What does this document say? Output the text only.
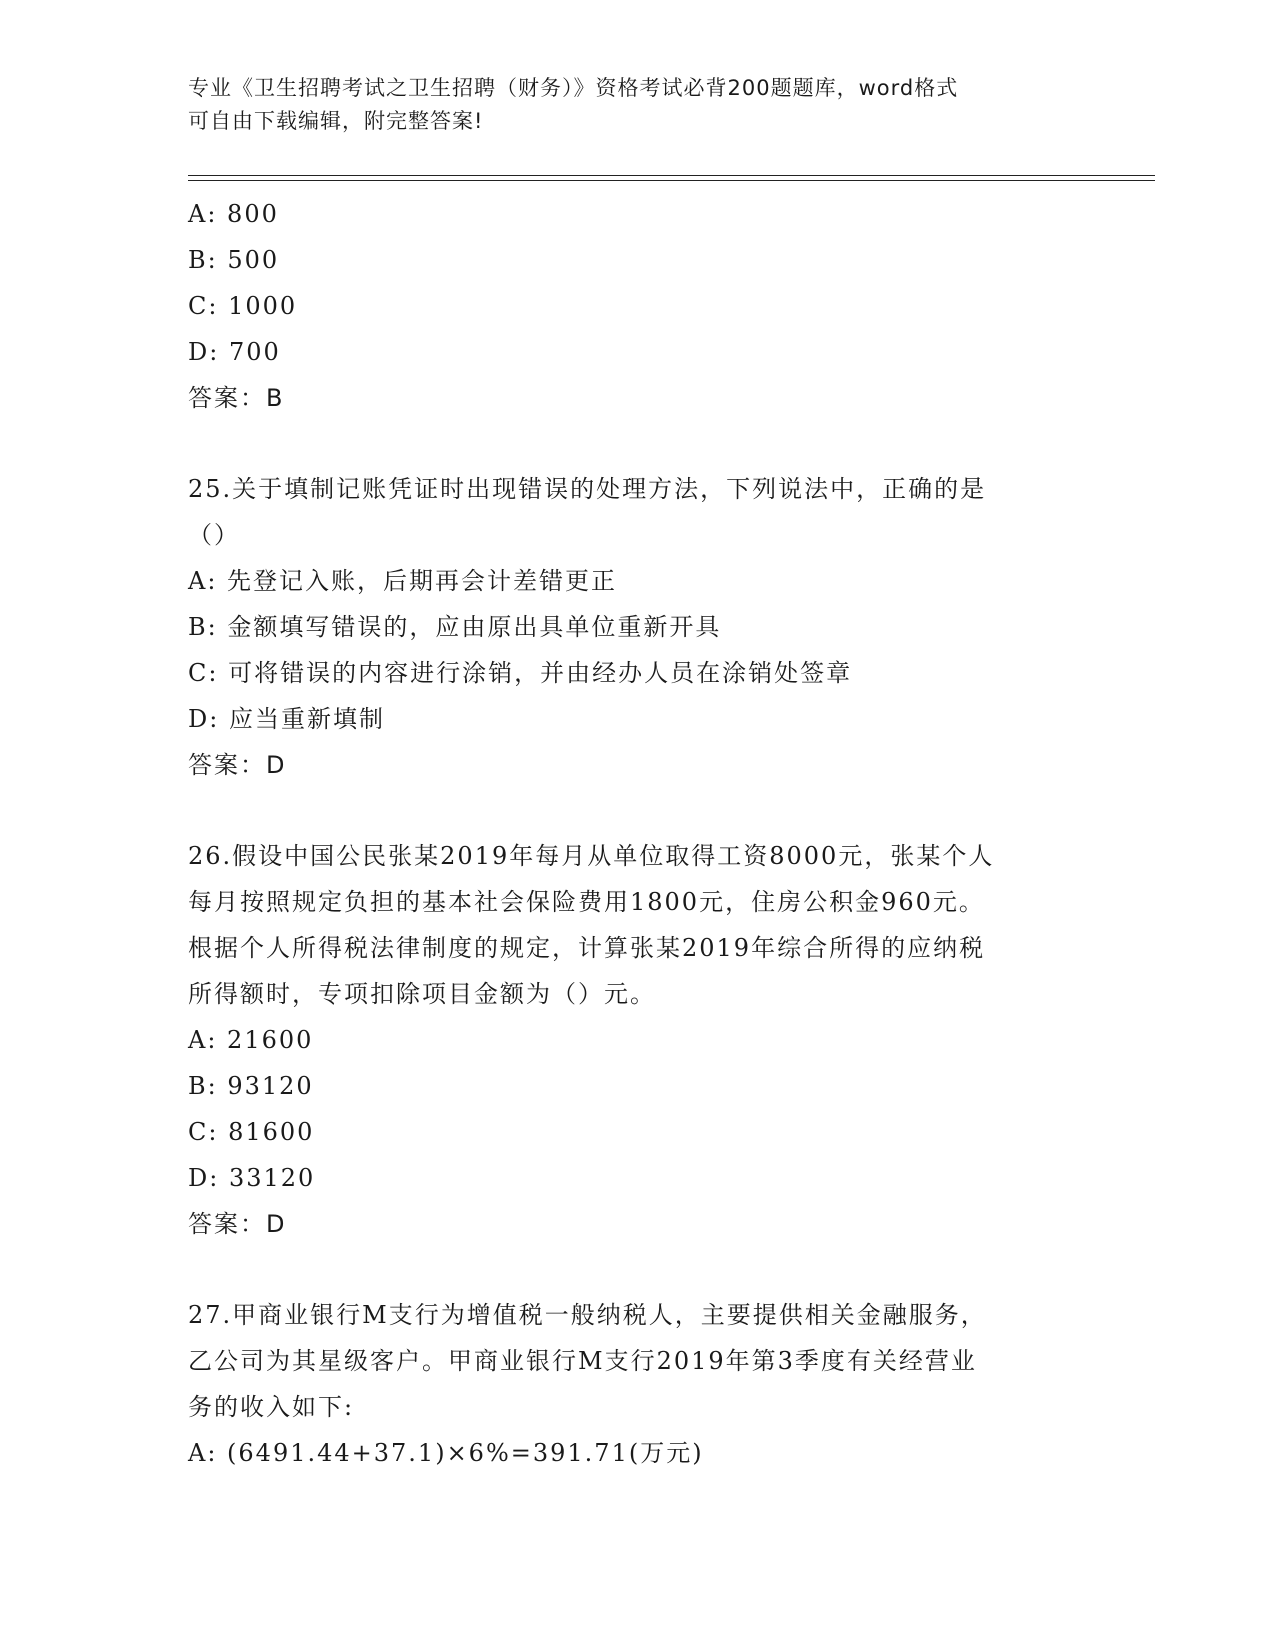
专业《卫生招聘考试之卫生招聘（财务）》资格考试必背200题题库，word格式
可自由下载编辑，附完整答案!
A: 800
B: 500
C: 1000
D: 700
答案：B
25.关于填制记账凭证时出现错误的处理方法，下列说法中，正确的是
（）
A: 先登记入账，后期再会计差错更正
B: 金额填写错误的，应由原出具单位重新开具
C: 可将错误的内容进行涂销，并由经办人员在涂销处签章
D: 应当重新填制
答案：D
26.假设中国公民张某2019年每月从单位取得工资8000元，张某个人
每月按照规定负担的基本社会保险费用1800元，住房公积金960元。
根据个人所得税法律制度的规定，计算张某2019年综合所得的应纳税
所得额时，专项扣除项目金额为（）元。
A: 21600
B: 93120
C: 81600
D: 33120
答案：D
27.甲商业银行M支行为增值税一般纳税人，主要提供相关金融服务，
乙公司为其星级客户。甲商业银行M支行2019年第3季度有关经营业
务的收入如下:
A: (6491.44+37.1)×6%=391.71(万元)
